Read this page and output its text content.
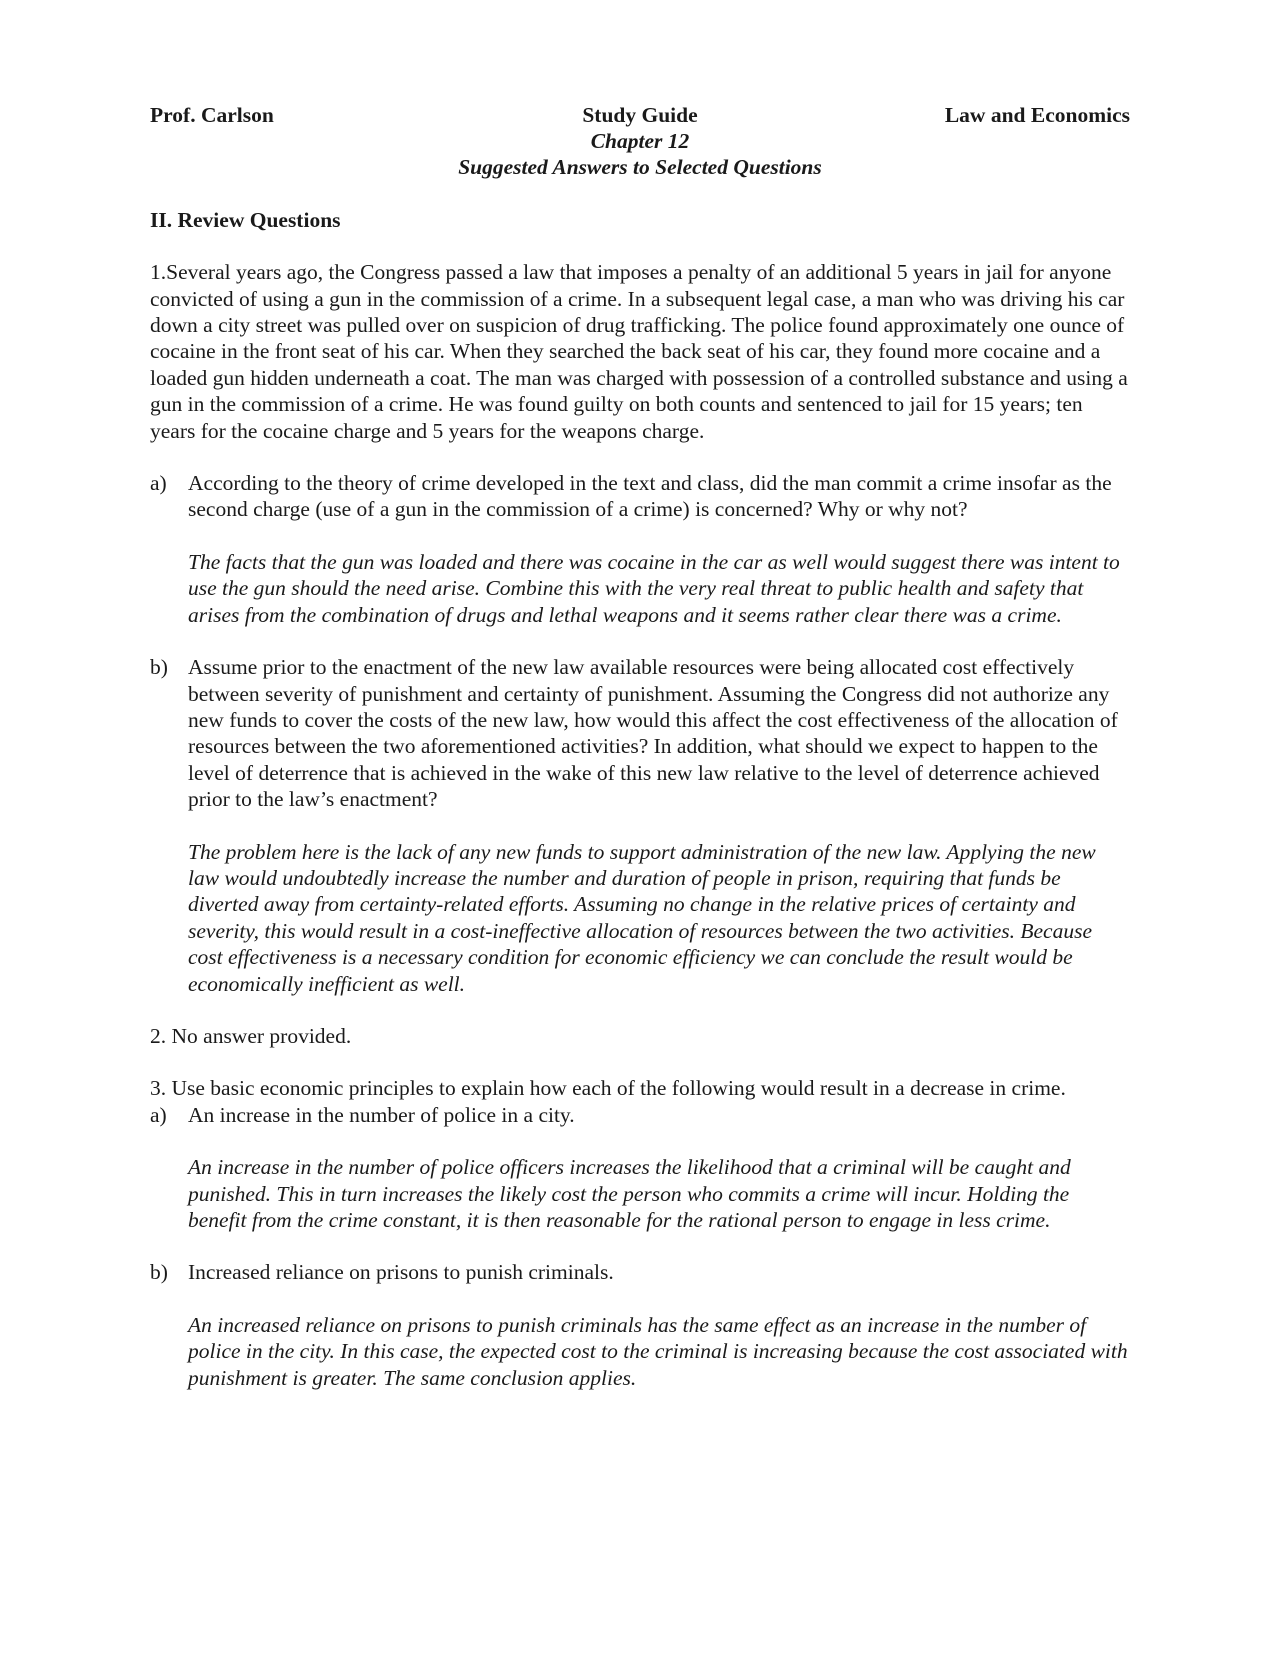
Prof. Carlson	Study Guide	Law and Economics
Chapter 12
Suggested Answers to Selected Questions
II. Review Questions

1.Several years ago, the Congress passed a law that imposes a penalty of an additional 5 years in jail for anyone convicted of using a gun in the commission of a crime. In a subsequent legal case, a man who was driving his car down a city street was pulled over on suspicion of drug trafficking. The police found approximately one ounce of cocaine in the front seat of his car. When they searched the back seat of his car, they found more cocaine and a loaded gun hidden underneath a coat. The man was charged with possession of a controlled substance and using a gun in the commission of a crime. He was found guilty on both counts and sentenced to jail for 15 years; ten years for the cocaine charge and 5 years for the weapons charge.

a) According to the theory of crime developed in the text and class, did the man commit a crime insofar as the second charge (use of a gun in the commission of a crime) is concerned? Why or why not?

The facts that the gun was loaded and there was cocaine in the car as well would suggest there was intent to use the gun should the need arise. Combine this with the very real threat to public health and safety that arises from the combination of drugs and lethal weapons and it seems rather clear there was a crime.

b) Assume prior to the enactment of the new law available resources were being allocated cost effectively between severity of punishment and certainty of punishment. Assuming the Congress did not authorize any new funds to cover the costs of the new law, how would this affect the cost effectiveness of the allocation of resources between the two aforementioned activities? In addition, what should we expect to happen to the level of deterrence that is achieved in the wake of this new law relative to the level of deterrence achieved prior to the law’s enactment?

The problem here is the lack of any new funds to support administration of the new law. Applying the new law would undoubtedly increase the number and duration of people in prison, requiring that funds be diverted away from certainty-related efforts. Assuming no change in the relative prices of certainty and severity, this would result in a cost-ineffective allocation of resources between the two activities. Because cost effectiveness is a necessary condition for economic efficiency we can conclude the result would be economically inefficient as well.

2. No answer provided.

3. Use basic economic principles to explain how each of the following would result in a decrease in crime.

a) An increase in the number of police in a city.

An increase in the number of police officers increases the likelihood that a criminal will be caught and punished. This in turn increases the likely cost the person who commits a crime will incur. Holding the benefit from the crime constant, it is then reasonable for the rational person to engage in less crime.

b) Increased reliance on prisons to punish criminals.

An increased reliance on prisons to punish criminals has the same effect as an increase in the number of police in the city. In this case, the expected cost to the criminal is increasing because the cost associated with punishment is greater. The same conclusion applies.
